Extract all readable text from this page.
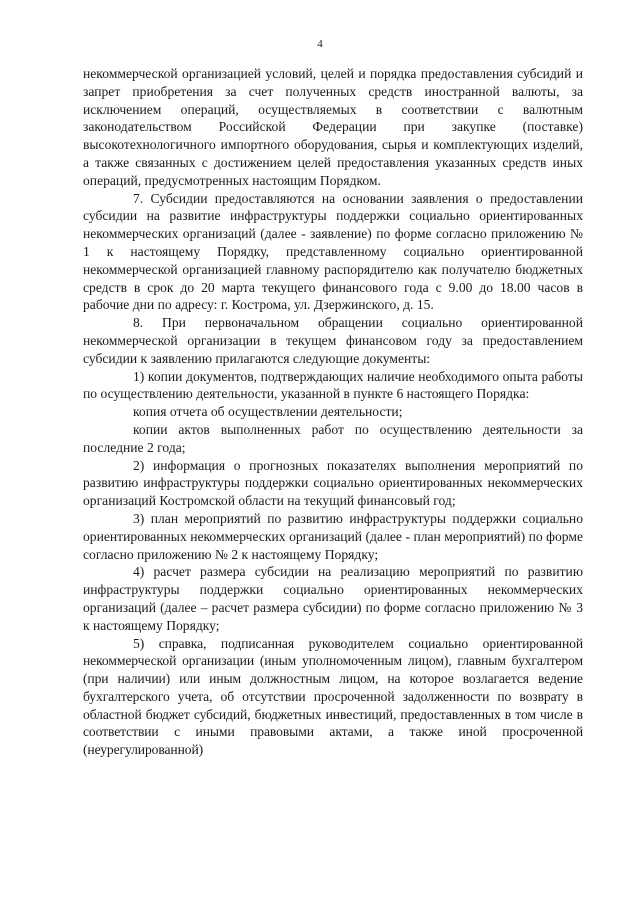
4

некоммерческой организацией условий, целей и порядка предоставления субсидий и запрет приобретения за счет полученных средств иностранной валюты, за исключением операций, осуществляемых в соответствии с валютным законодательством Российской Федерации при закупке (поставке) высокотехнологичного импортного оборудования, сырья и комплектующих изделий, а также связанных с достижением целей предоставления указанных средств иных операций, предусмотренных настоящим Порядком.

7. Субсидии предоставляются на основании заявления о предоставлении субсидии на развитие инфраструктуры поддержки социально ориентированных некоммерческих организаций (далее - заявление) по форме согласно приложению № 1 к настоящему Порядку, представленному социально ориентированной некоммерческой организацией главному распорядителю как получателю бюджетных средств в срок до 20 марта текущего финансового года с 9.00 до 18.00 часов в рабочие дни по адресу: г. Кострома, ул. Дзержинского, д. 15.

8. При первоначальном обращении социально ориентированной некоммерческой организации в текущем финансовом году за предоставлением субсидии к заявлению прилагаются следующие документы:

1) копии документов, подтверждающих наличие необходимого опыта работы по осуществлению деятельности, указанной в пункте 6 настоящего Порядка:

копия отчета об осуществлении деятельности;

копии актов выполненных работ по осуществлению деятельности за последние 2 года;

2) информация о прогнозных показателях выполнения мероприятий по развитию инфраструктуры поддержки социально ориентированных некоммерческих организаций Костромской области на текущий финансовый год;

3) план мероприятий по развитию инфраструктуры поддержки социально ориентированных некоммерческих организаций (далее - план мероприятий) по форме согласно приложению № 2 к настоящему Порядку;

4) расчет размера субсидии на реализацию мероприятий по развитию инфраструктуры поддержки социально ориентированных некоммерческих организаций (далее – расчет размера субсидии) по форме согласно приложению № 3 к настоящему Порядку;

5) справка, подписанная руководителем социально ориентированной некоммерческой организации (иным уполномоченным лицом), главным бухгалтером (при наличии) или иным должностным лицом, на которое возлагается ведение бухгалтерского учета, об отсутствии просроченной задолженности по возврату в областной бюджет субсидий, бюджетных инвестиций, предоставленных в том числе в соответствии с иными правовыми актами, а также иной просроченной (неурегулированной)
